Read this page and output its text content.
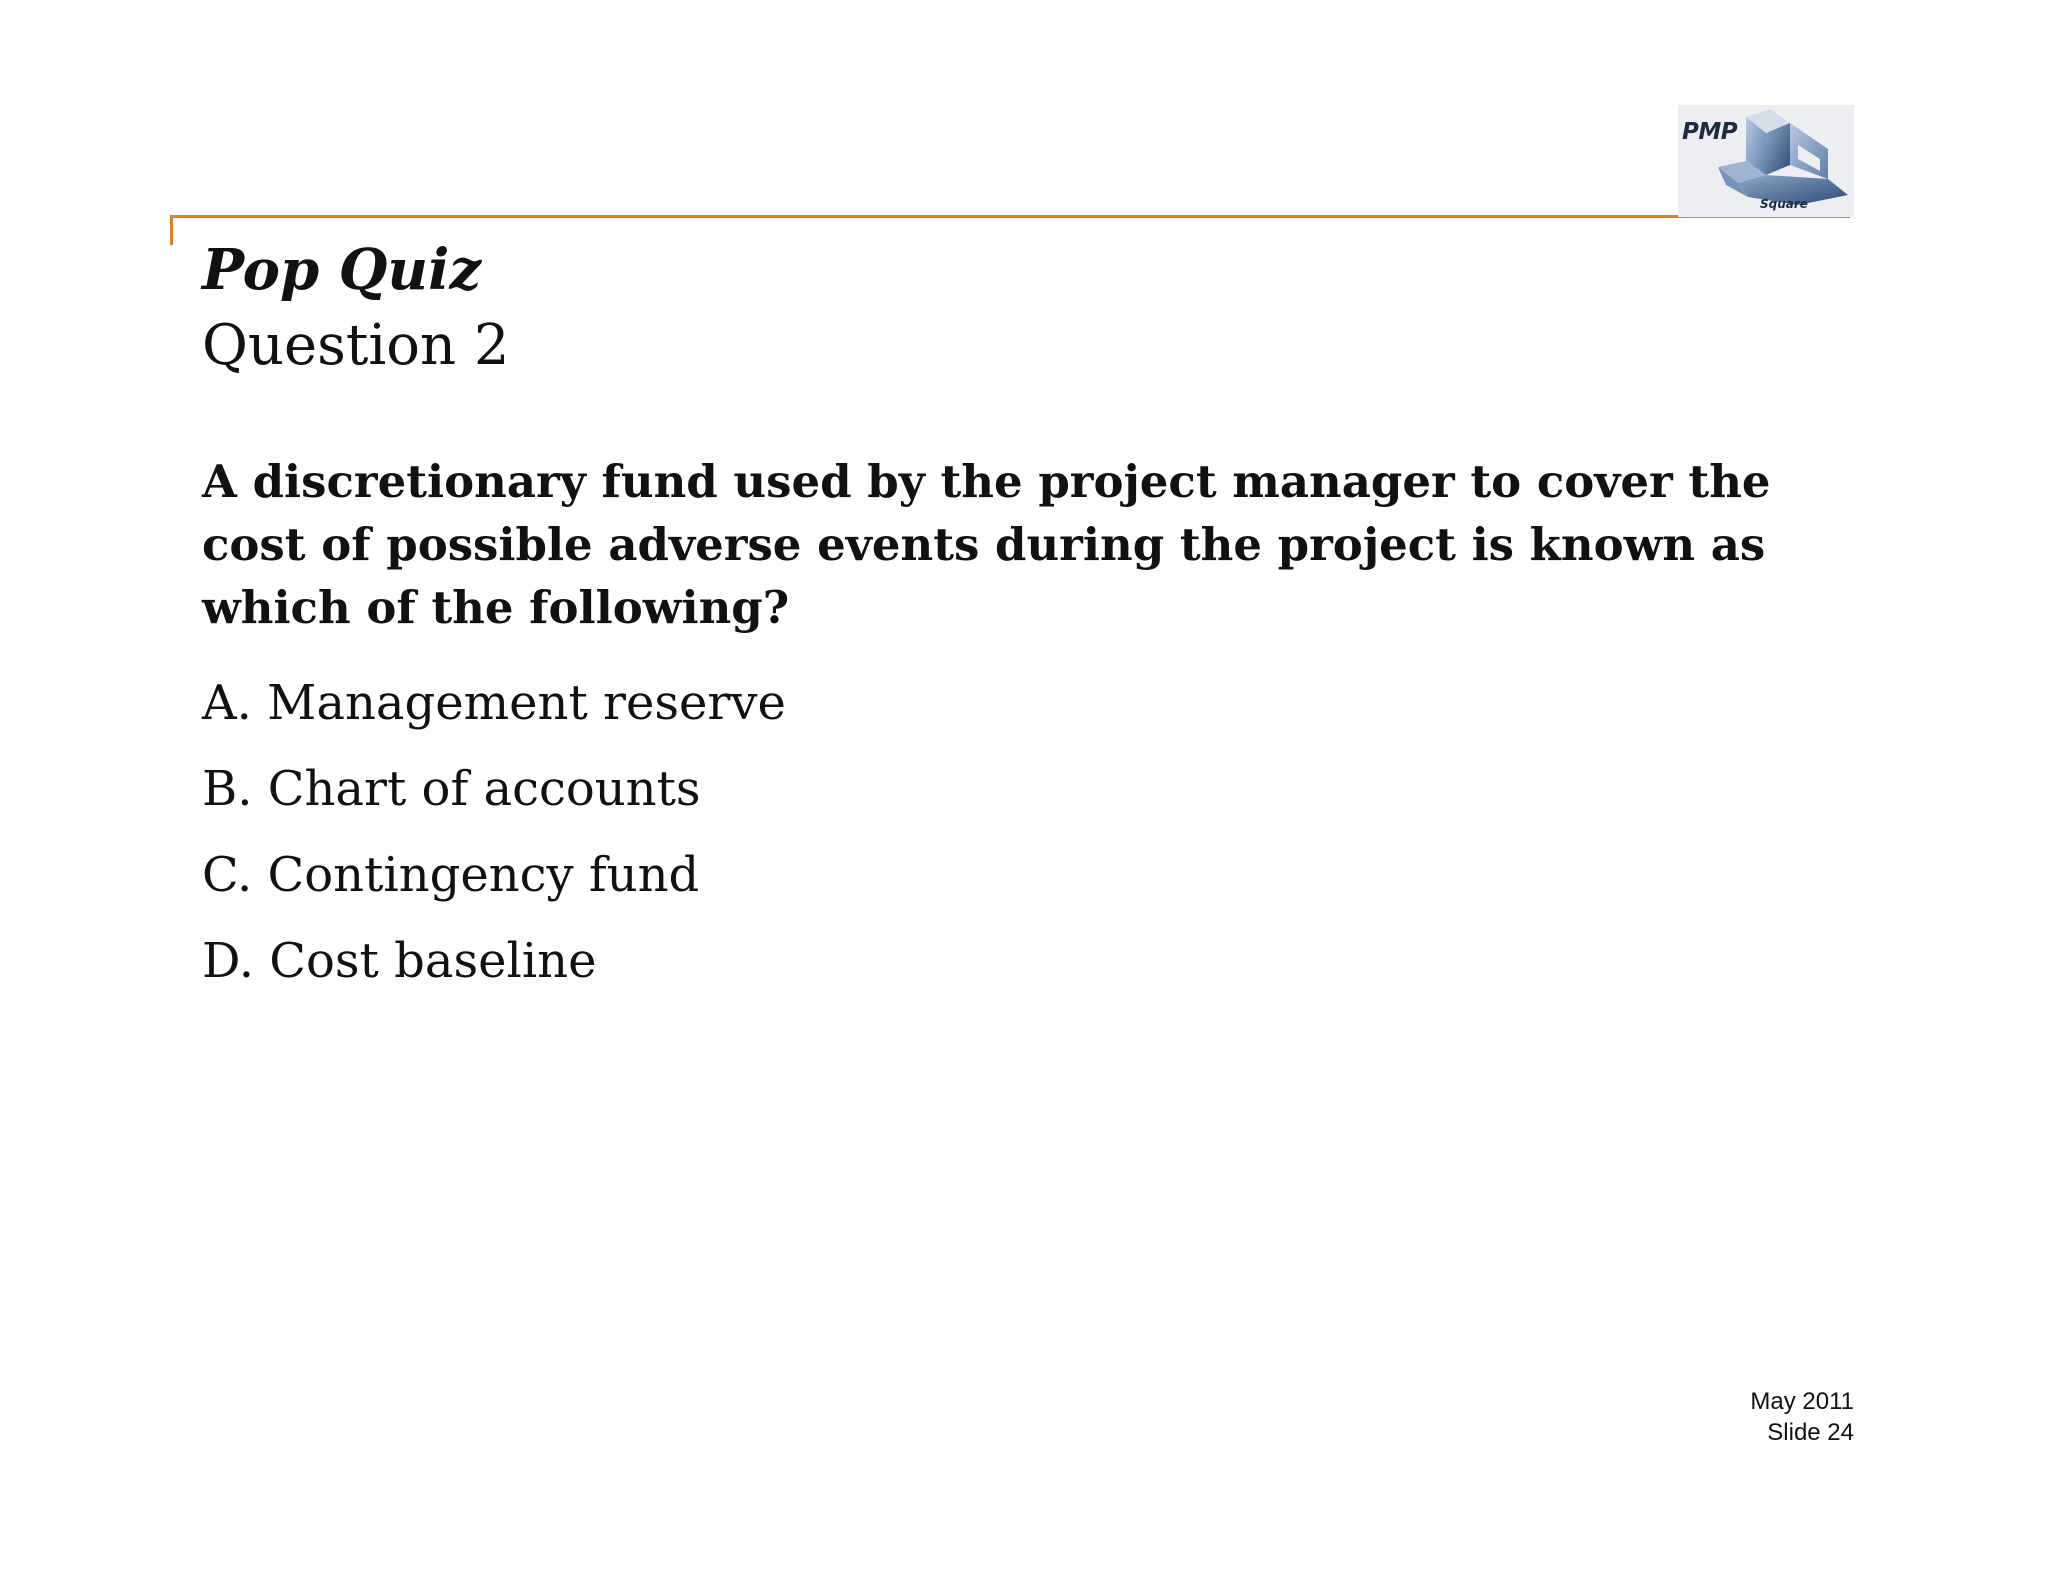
PMP
Square
Pop Quiz
Question 2
A discretionary fund used by the project manager to cover the cost of possible adverse events during the project is known as which of the following?
A. Management reserve
B. Chart of accounts
C. Contingency fund
D. Cost baseline
May 2011
Slide 24
